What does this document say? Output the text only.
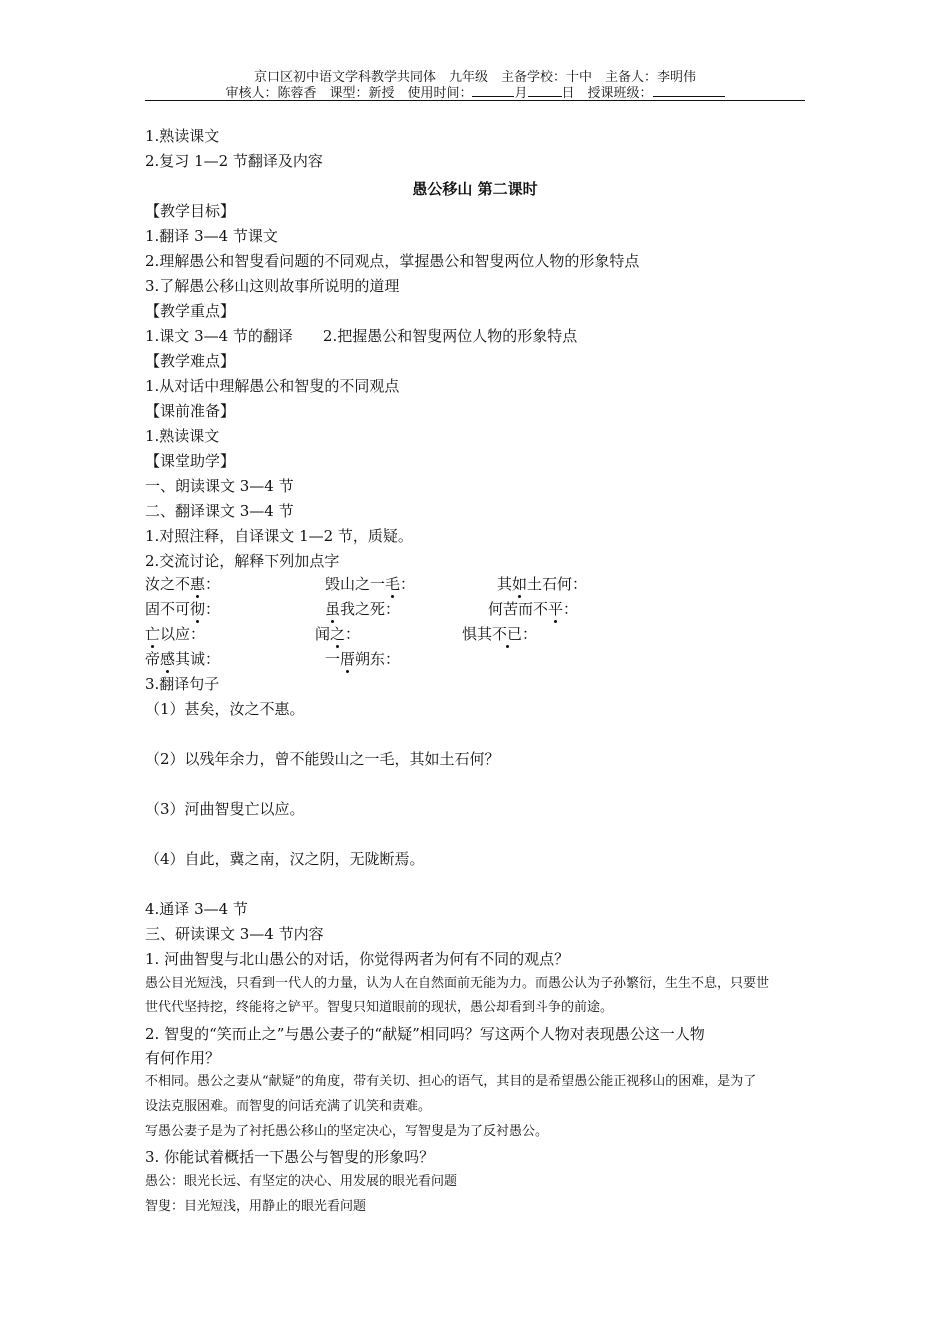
京口区初中语文学科教学共同体　九年级　主备学校：十中　主备人：李明伟
审核人：陈蓉香　课型：新授　使用时间：	月	日　授课班级：
1.熟读课文
2.复习 1—2 节翻译及内容
愚公移山 第二课时
【教学目标】
1.翻译 3—4 节课文
2.理解愚公和智叟看问题的不同观点，掌握愚公和智叟两位人物的形象特点
3.了解愚公移山这则故事所说明的道理
【教学重点】
1.课文 3—4 节的翻译　　2.把握愚公和智叟两位人物的形象特点
【教学难点】
1.从对话中理解愚公和智叟的不同观点
【课前准备】
1.熟读课文
【课堂助学】
一、朗读课文 3—4 节
二、翻译课文 3—4 节
1.对照注释，自译课文 1—2 节，质疑。
2.交流讨论，解释下列加点字
汝之不惠：	毁山之一毛：	其如土石何：
固不可彻：	虽我之死：	何苦而不平：
亡以应：	闻之：	惧其不已：
帝感其诚：	一厝朔东：
3.翻译句子
（1）甚矣，汝之不惠。
（2）以残年余力，曾不能毁山之一毛，其如土石何？
（3）河曲智叟亡以应。
（4）自此，冀之南，汉之阴，无陇断焉。
4.通译 3—4 节
三、研读课文 3—4 节内容
1. 河曲智叟与北山愚公的对话，你觉得两者为何有不同的观点？
愚公目光短浅，只看到一代人的力量，认为人在自然面前无能为力。而愚公认为子孙繁衍，生生不息，只要世
世代代坚持挖，终能将之铲平。智叟只知道眼前的现状，愚公却看到斗争的前途。
2. 智叟的“笑而止之”与愚公妻子的“献疑”相同吗？写这两个人物对表现愚公这一人物
有何作用？
不相同。愚公之妻从“献疑”的角度，带有关切、担心的语气，其目的是希望愚公能正视移山的困难，是为了
设法克服困难。而智叟的问话充满了讥笑和责难。
写愚公妻子是为了衬托愚公移山的坚定决心，写智叟是为了反衬愚公。
3. 你能试着概括一下愚公与智叟的形象吗？
愚公：眼光长远、有坚定的决心、用发展的眼光看问题
智叟：目光短浅，用静止的眼光看问题
